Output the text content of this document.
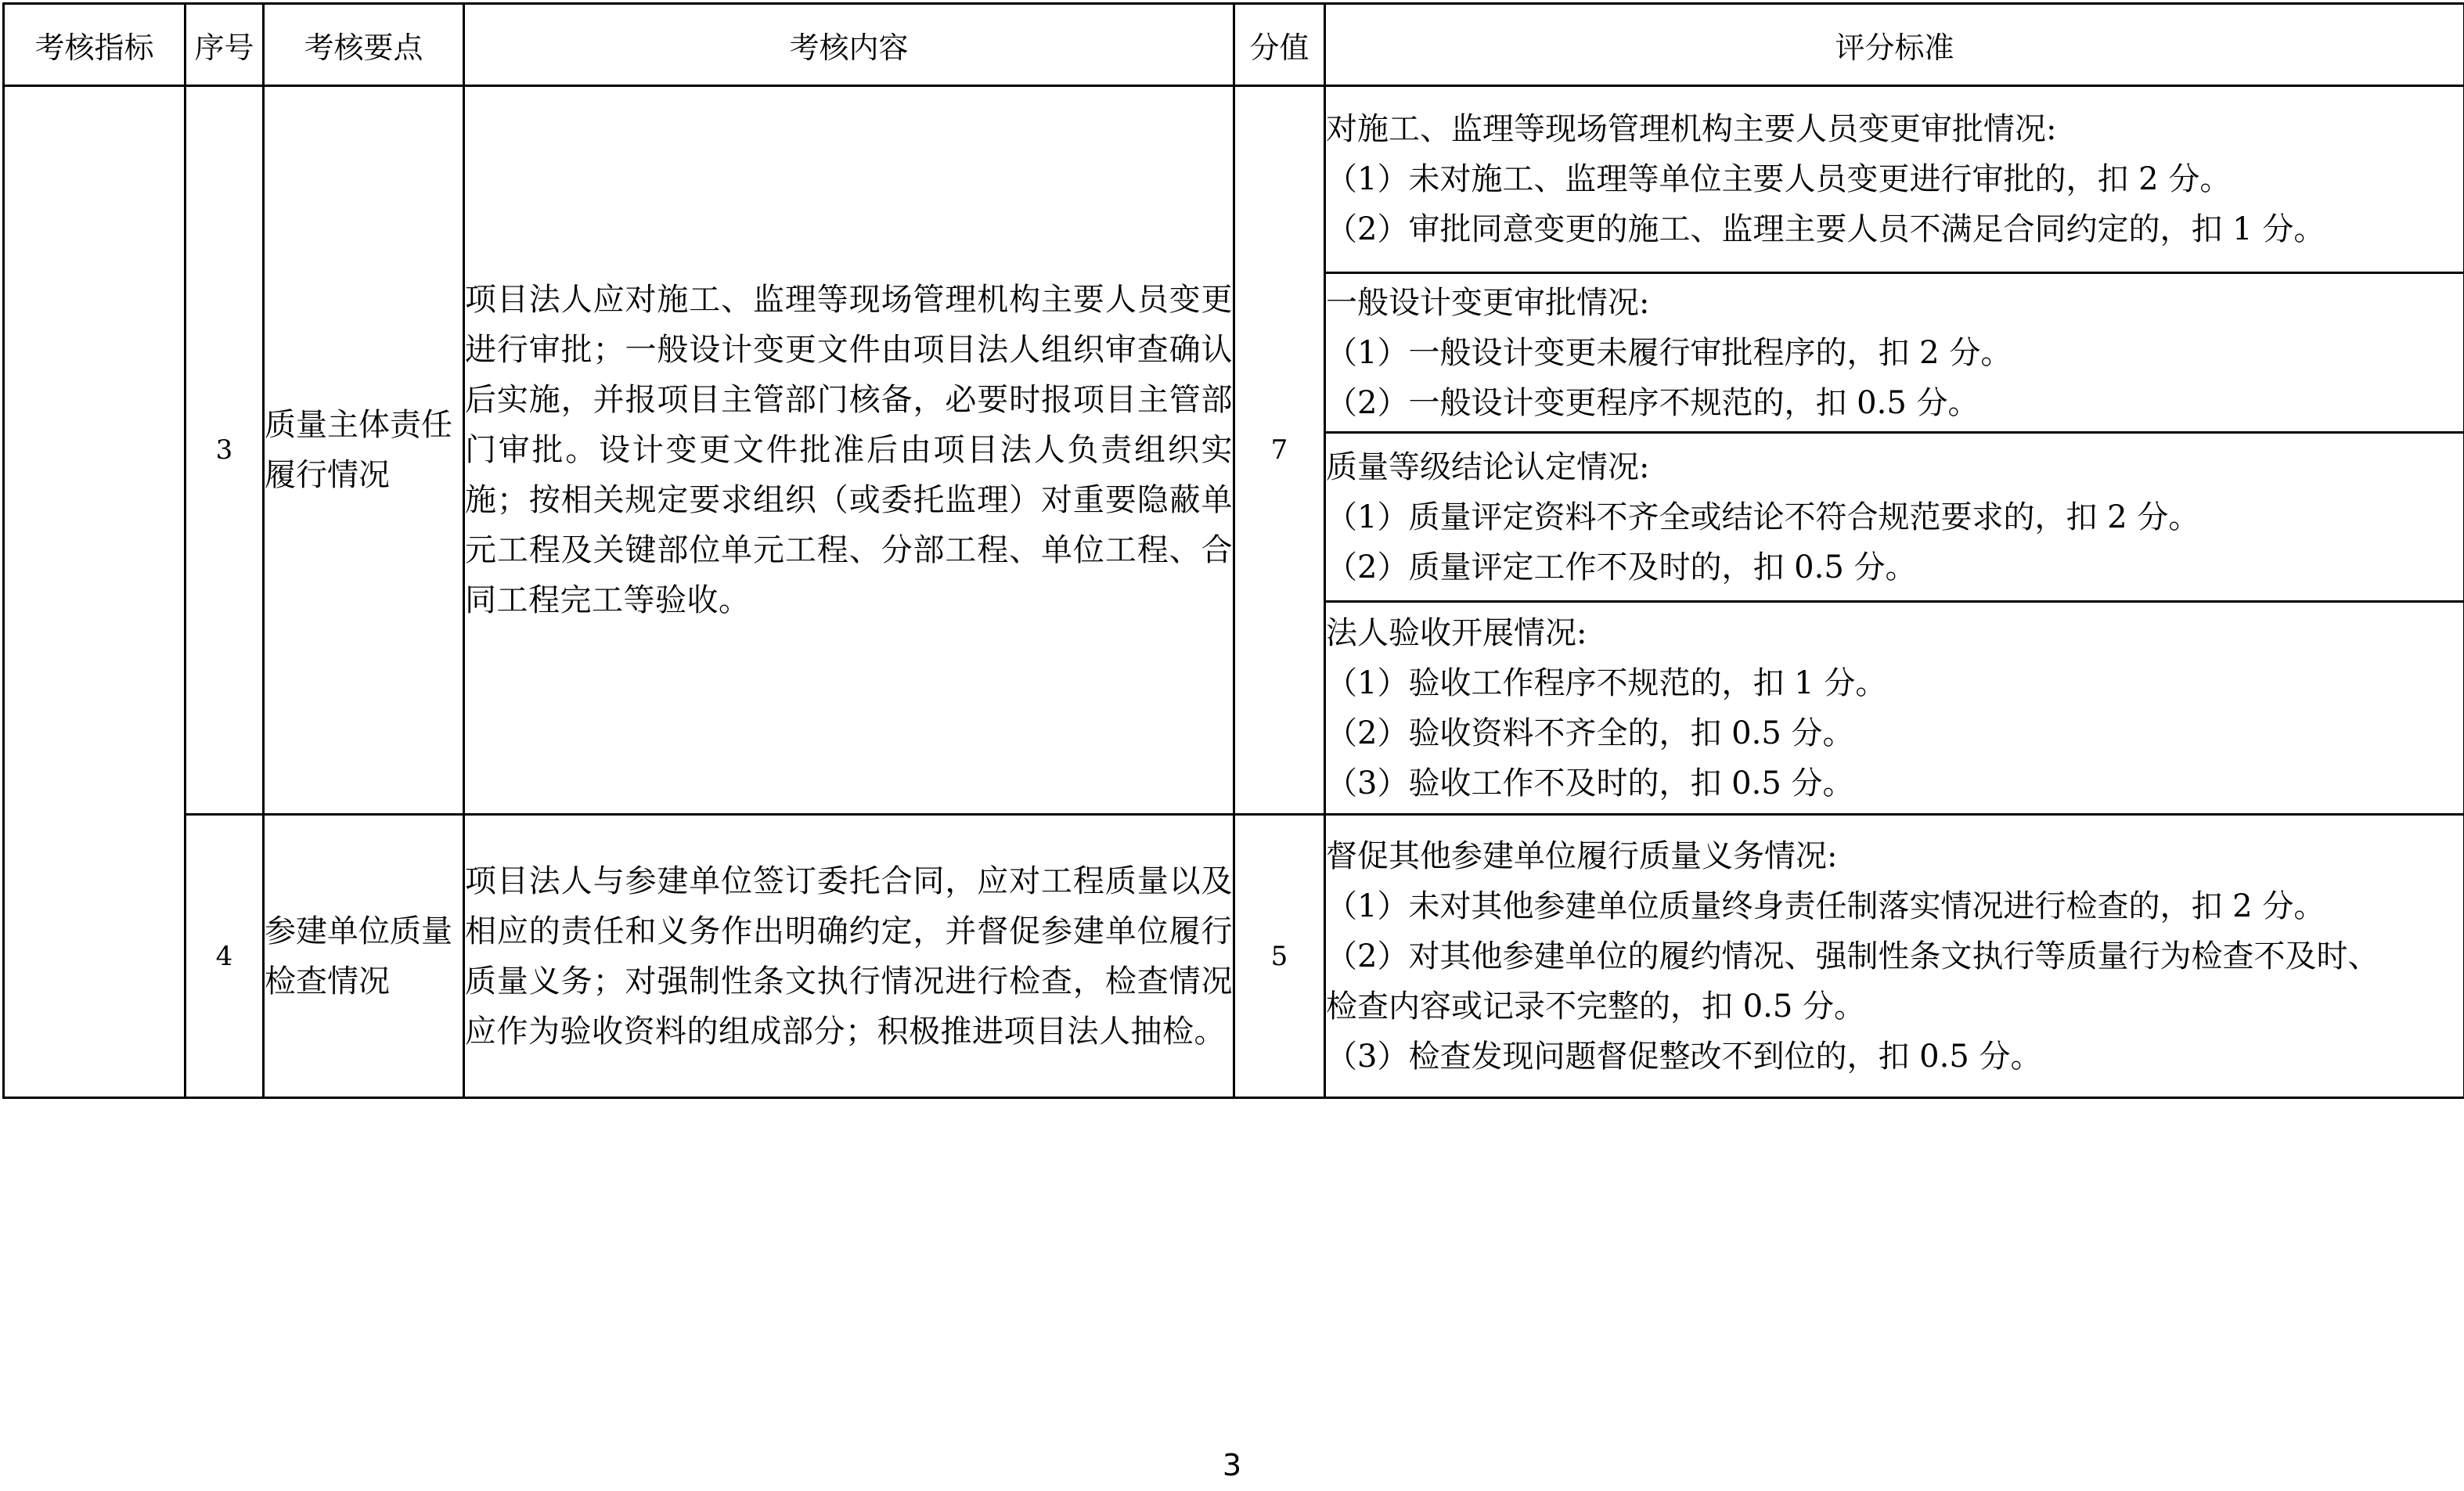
考核指标	序号	考核要点	考核内容	分值	评分标准
	3	质量主体责任履行情况	项目法人应对施工、监理等现场管理机构主要人员变更进行审批；一般设计变更文件由项目法人组织审查确认后实施，并报项目主管部门核备，必要时报项目主管部门审批。设计变更文件批准后由项目法人负责组织实施；按相关规定要求组织（或委托监理）对重要隐蔽单元工程及关键部位单元工程、分部工程、单位工程、合同工程完工等验收。	7	对施工、监理等现场管理机构主要人员变更审批情况:
（1）未对施工、监理等单位主要人员变更进行审批的，扣 2 分。
（2）审批同意变更的施工、监理主要人员不满足合同约定的，扣 1 分。

					一般设计变更审批情况:
（1）一般设计变更未履行审批程序的，扣 2 分。
（2）一般设计变更程序不规范的，扣 0.5 分。

					质量等级结论认定情况:
（1）质量评定资料不齐全或结论不符合规范要求的，扣 2 分。
（2）质量评定工作不及时的，扣 0.5 分。

					法人验收开展情况:
（1）验收工作程序不规范的，扣 1 分。
（2）验收资料不齐全的，扣 0.5 分。
（3）验收工作不及时的，扣 0.5 分。

	4	参建单位质量检查情况	项目法人与参建单位签订委托合同，应对工程质量以及相应的责任和义务作出明确约定，并督促参建单位履行质量义务；对强制性条文执行情况进行检查，检查情况应作为验收资料的组成部分；积极推进项目法人抽检。	5	督促其他参建单位履行质量义务情况:
（1）未对其他参建单位质量终身责任制落实情况进行检查的，扣 2 分。
（2）对其他参建单位的履约情况、强制性条文执行等质量行为检查不及时、
检查内容或记录不完整的，扣 0.5 分。
（3）检查发现问题督促整改不到位的，扣 0.5 分。
3
